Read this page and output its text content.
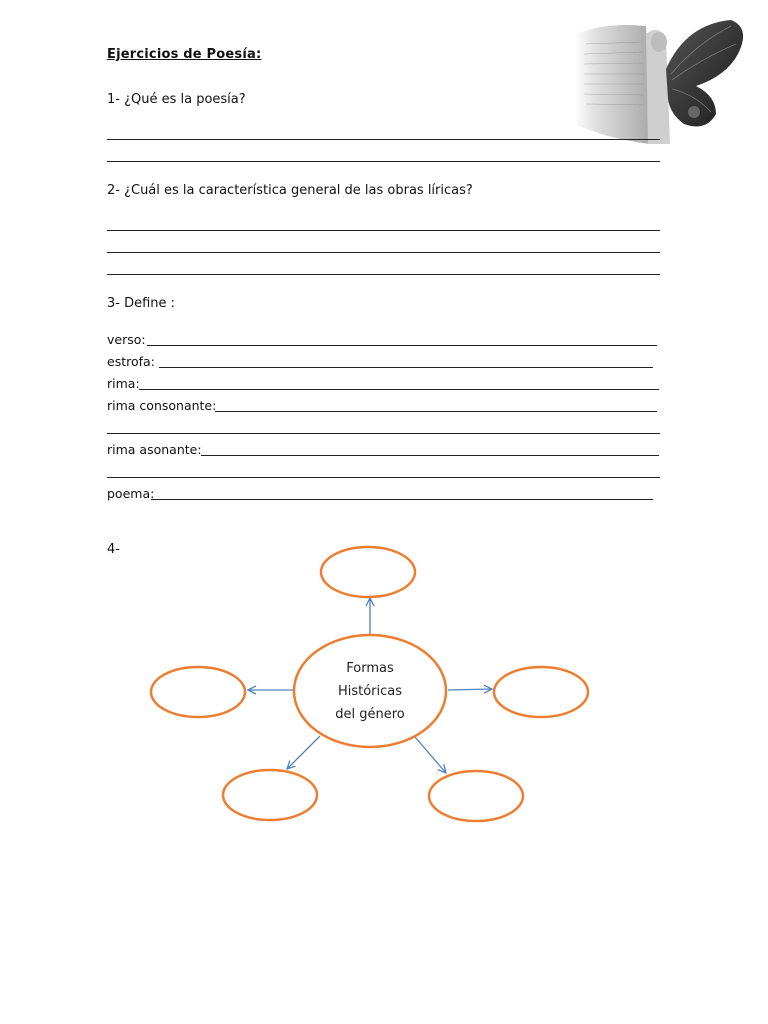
Ejercicios de Poesía:
1- ¿Qué es la poesía?
2- ¿Cuál es la característica general de las obras líricas?
3- Define :
verso:
estrofa:
rima:
rima consonante:
rima asonante:
poema:
4-
Formas
Históricas
del género
